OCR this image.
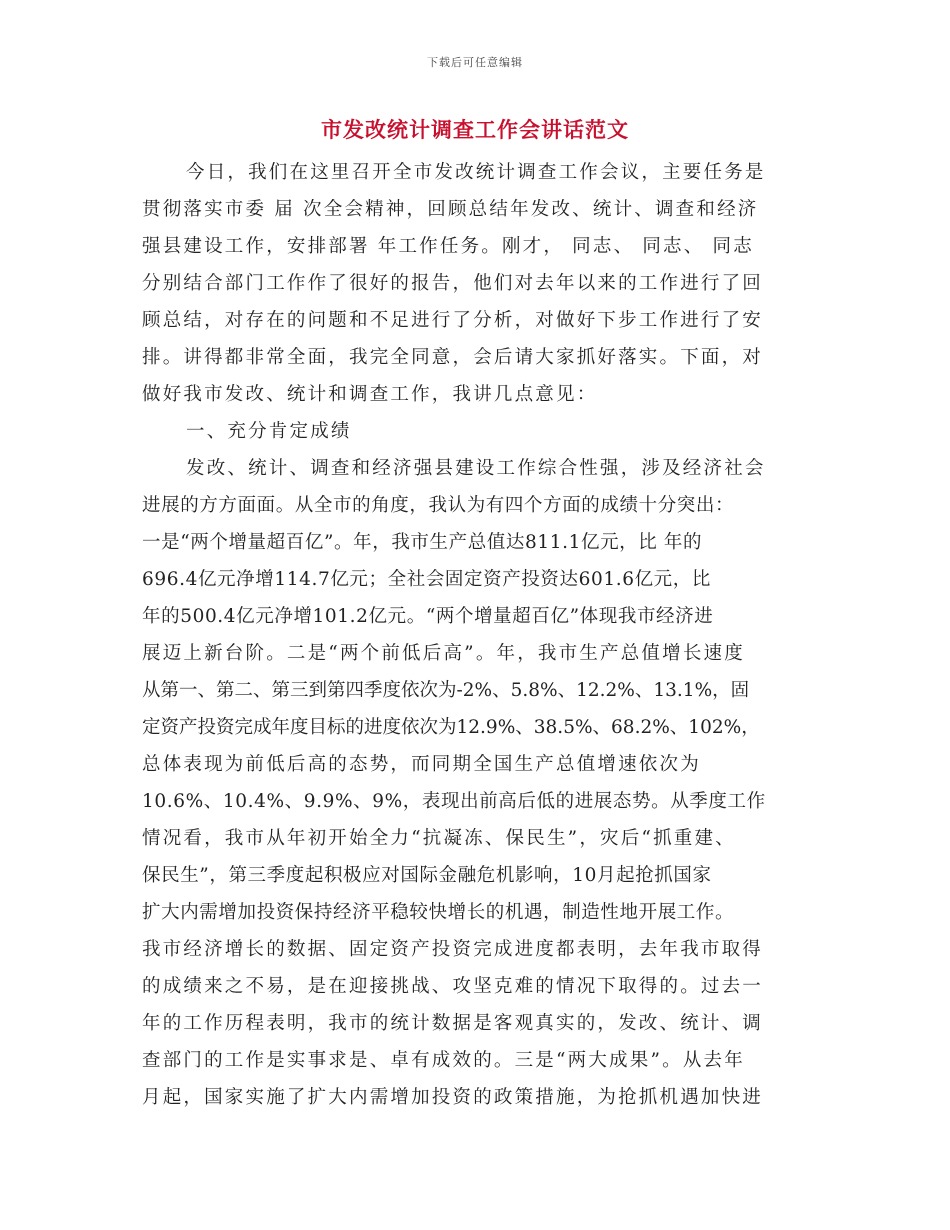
下载后可任意编辑
市发改统计调查工作会讲话范文
今日，我们在这里召开全市发改统计调查工作会议，主要任务是
贯彻落实市委 届 次全会精神，回顾总结年发改、统计、调查和经济
强县建设工作，安排部署 年工作任务。刚才， 同志、 同志、 同志
分别结合部门工作作了很好的报告，他们对去年以来的工作进行了回
顾总结，对存在的问题和不足进行了分析，对做好下步工作进行了安
排。讲得都非常全面，我完全同意，会后请大家抓好落实。下面，对
做好我市发改、统计和调查工作，我讲几点意见：
一、充分肯定成绩
发改、统计、调查和经济强县建设工作综合性强，涉及经济社会
进展的方方面面。从全市的角度，我认为有四个方面的成绩十分突出：
一是“两个增量超百亿”。年，我市生产总值达811.1亿元，比 年的
696.4亿元净增114.7亿元；全社会固定资产投资达601.6亿元，比
年的500.4亿元净增101.2亿元。“两个增量超百亿”体现我市经济进
展迈上新台阶。二是“两个前低后高”。年，我市生产总值增长速度
从第一、第二、第三到第四季度依次为-2%、5.8%、12.2%、13.1%，固
定资产投资完成年度目标的进度依次为12.9%、38.5%、68.2%、102%，
总体表现为前低后高的态势，而同期全国生产总值增速依次为
10.6%、10.4%、9.9%、9%，表现出前高后低的进展态势。从季度工作
情况看，我市从年初开始全力“抗凝冻、保民生”，灾后“抓重建、
保民生”，第三季度起积极应对国际金融危机影响，10月起抢抓国家
扩大内需增加投资保持经济平稳较快增长的机遇，制造性地开展工作。
我市经济增长的数据、固定资产投资完成进度都表明，去年我市取得
的成绩来之不易，是在迎接挑战、攻坚克难的情况下取得的。过去一
年的工作历程表明，我市的统计数据是客观真实的，发改、统计、调
查部门的工作是实事求是、卓有成效的。三是“两大成果”。从去年
月起，国家实施了扩大内需增加投资的政策措施，为抢抓机遇加快进
